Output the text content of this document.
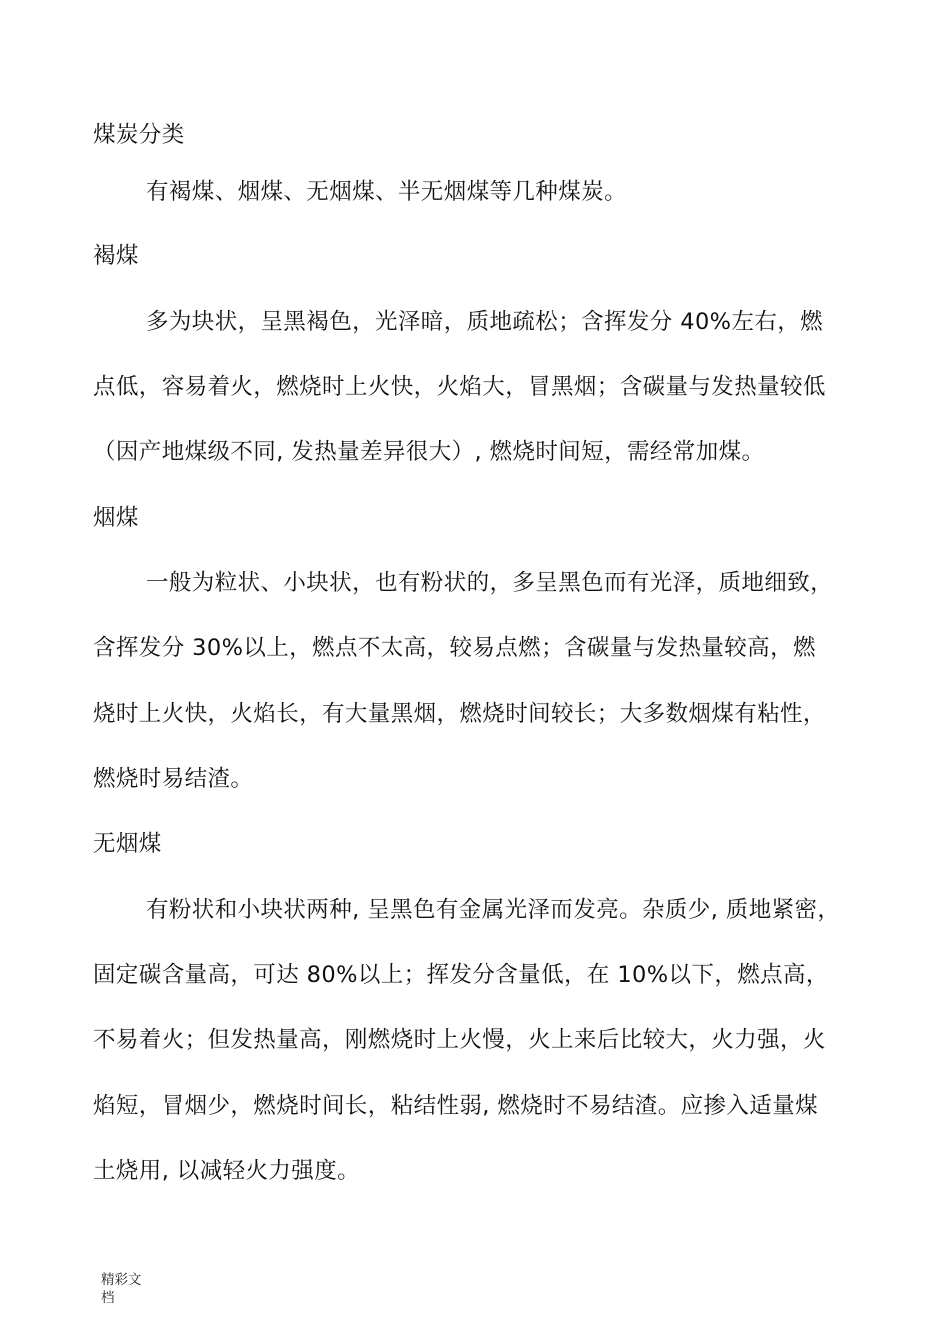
煤炭分类
有褐煤、烟煤、无烟煤、半无烟煤等几种煤炭。
褐煤
多为块状，呈黑褐色，光泽暗，质地疏松；含挥发分 40%左右，燃
点低，容易着火，燃烧时上火快，火焰大，冒黑烟；含碳量与发热量较低
（因产地煤级不同, 发热量差异很大）, 燃烧时间短，需经常加煤。
烟煤
一般为粒状、小块状，也有粉状的，多呈黑色而有光泽，质地细致，
含挥发分 30%以上，燃点不太高，较易点燃；含碳量与发热量较高，燃
烧时上火快，火焰长，有大量黑烟，燃烧时间较长；大多数烟煤有粘性，
燃烧时易结渣。
无烟煤
有粉状和小块状两种, 呈黑色有金属光泽而发亮。杂质少, 质地紧密，
固定碳含量高，可达 80%以上；挥发分含量低，在 10%以下，燃点高，
不易着火；但发热量高，刚燃烧时上火慢，火上来后比较大，火力强，火
焰短，冒烟少，燃烧时间长，粘结性弱, 燃烧时不易结渣。应掺入适量煤
土烧用, 以减轻火力强度。
精彩文
档
